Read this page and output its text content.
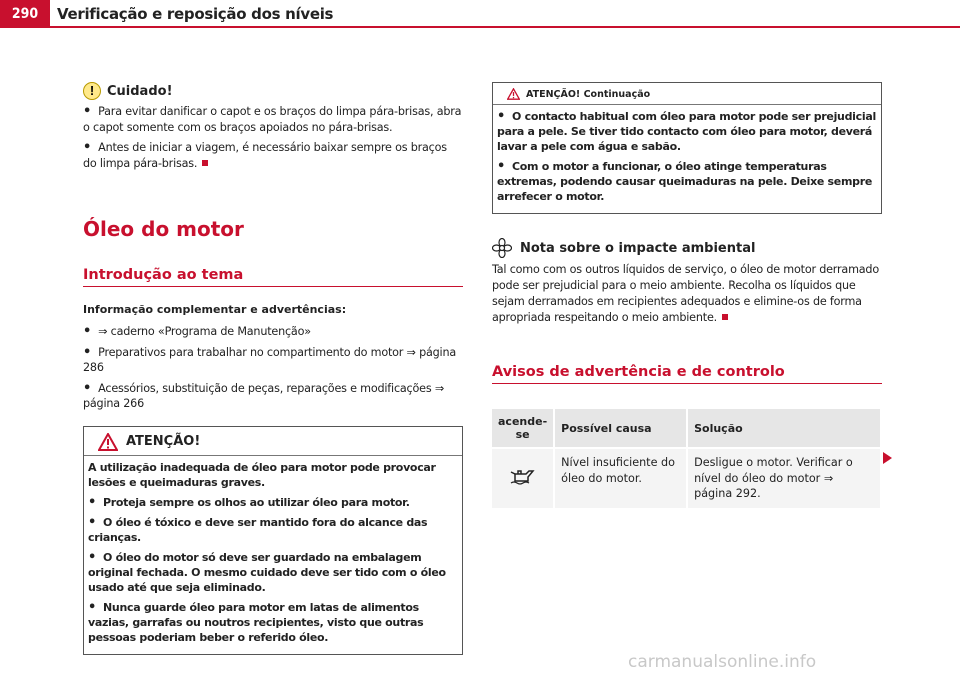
290	Verificação e reposição dos níveis
! Cuidado!

• Para evitar danificar o capot e os braços do limpa pára-brisas, abra o capot somente com os braços apoiados no pára-brisas.

• Antes de iniciar a viagem, é necessário baixar sempre os braços do limpa pára-brisas.

Óleo do motor
Introdução ao tema
Informação complementar e advertências:

• ⇒ caderno «Programa de Manutenção»

• Preparativos para trabalhar no compartimento do motor ⇒ página 286

• Acessórios, substituição de peças, reparações e modificações ⇒ página 266

ATENÇÃO!

A utilização inadequada de óleo para motor pode provocar lesões e queimaduras graves.

• Proteja sempre os olhos ao utilizar óleo para motor.

• O óleo é tóxico e deve ser mantido fora do alcance das crianças.

• O óleo do motor só deve ser guardado na embalagem original fechada. O mesmo cuidado deve ser tido com o óleo usado até que seja eliminado.

• Nunca guarde óleo para motor em latas de alimentos vazias, garrafas ou noutros recipientes, visto que outras pessoas poderiam beber o referido óleo.

ATENÇÃO! Continuação

• O contacto habitual com óleo para motor pode ser prejudicial para a pele. Se tiver tido contacto com óleo para motor, deverá lavar a pele com água e sabão.

• Com o motor a funcionar, o óleo atinge temperaturas extremas, podendo causar queimaduras na pele. Deixe sempre arrefecer o motor.

Nota sobre o impacte ambiental

Tal como com os outros líquidos de serviço, o óleo de motor derramado pode ser prejudicial para o meio ambiente. Recolha os líquidos que sejam derramados em recipientes adequados e elimine-os de forma apropriada respeitando o meio ambiente.

Avisos de advertência e de controlo
acende-se	Possível causa	Solução
	Nível insuficiente do óleo do motor.	Desligue o motor. Verificar o nível do óleo do motor ⇒ página 292.
carmanualsonline.info
